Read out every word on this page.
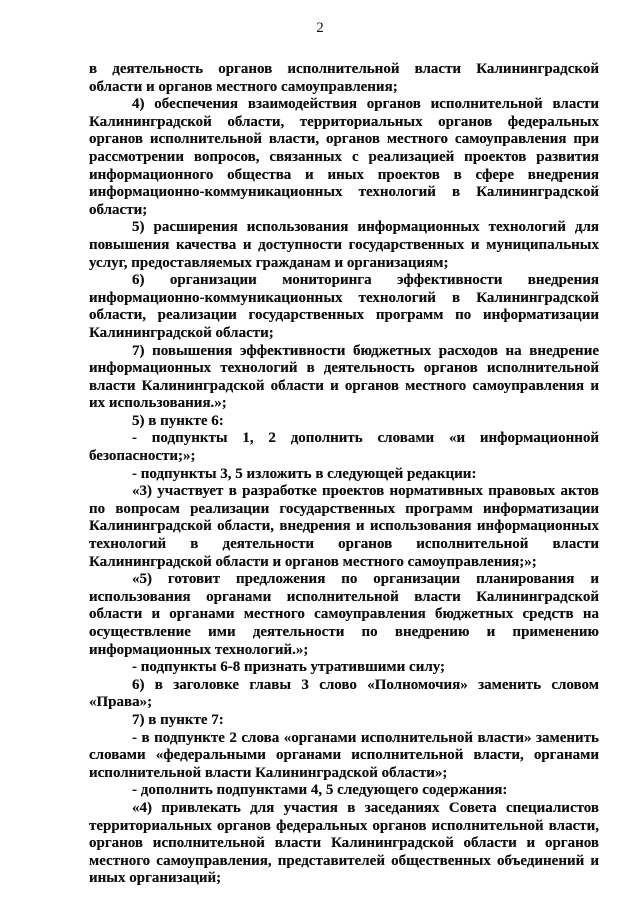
2

в деятельность органов исполнительной власти Калининградской области и органов местного самоуправления;

4) обеспечения взаимодействия органов исполнительной власти Калининградской области, территориальных органов федеральных органов исполнительной власти, органов местного самоуправления при рассмотрении вопросов, связанных с реализацией проектов развития информационного общества и иных проектов в сфере внедрения информационно-коммуникационных технологий в Калининградской области;

5) расширения использования информационных технологий для повышения качества и доступности государственных и муниципальных услуг, предоставляемых гражданам и организациям;

6) организации мониторинга эффективности внедрения информационно-коммуникационных технологий в Калининградской области, реализации государственных программ по информатизации Калининградской области;

7) повышения эффективности бюджетных расходов на внедрение информационных технологий в деятельность органов исполнительной власти Калининградской области и органов местного самоуправления и их использования.»;

5) в пункте 6:

- подпункты 1, 2 дополнить словами «и информационной безопасности;»;

- подпункты 3, 5 изложить в следующей редакции:

«3) участвует в разработке проектов нормативных правовых актов по вопросам реализации государственных программ информатизации Калининградской области, внедрения и использования информационных технологий в деятельности органов исполнительной власти Калининградской области и органов местного самоуправления;»;

«5) готовит предложения по организации планирования и использования органами исполнительной власти Калининградской области и органами местного самоуправления бюджетных средств на осуществление ими деятельности по внедрению и применению информационных технологий.»;

- подпункты 6-8 признать утратившими силу;

6) в заголовке главы 3 слово «Полномочия» заменить словом «Права»;

7) в пункте 7:

- в подпункте 2 слова «органами исполнительной власти» заменить словами «федеральными органами исполнительной власти, органами исполнительной власти Калининградской области»;

- дополнить подпунктами 4, 5 следующего содержания:

«4) привлекать для участия в заседаниях Совета специалистов территориальных органов федеральных органов исполнительной власти, органов исполнительной власти Калининградской области и органов местного самоуправления, представителей общественных объединений и иных организаций;
